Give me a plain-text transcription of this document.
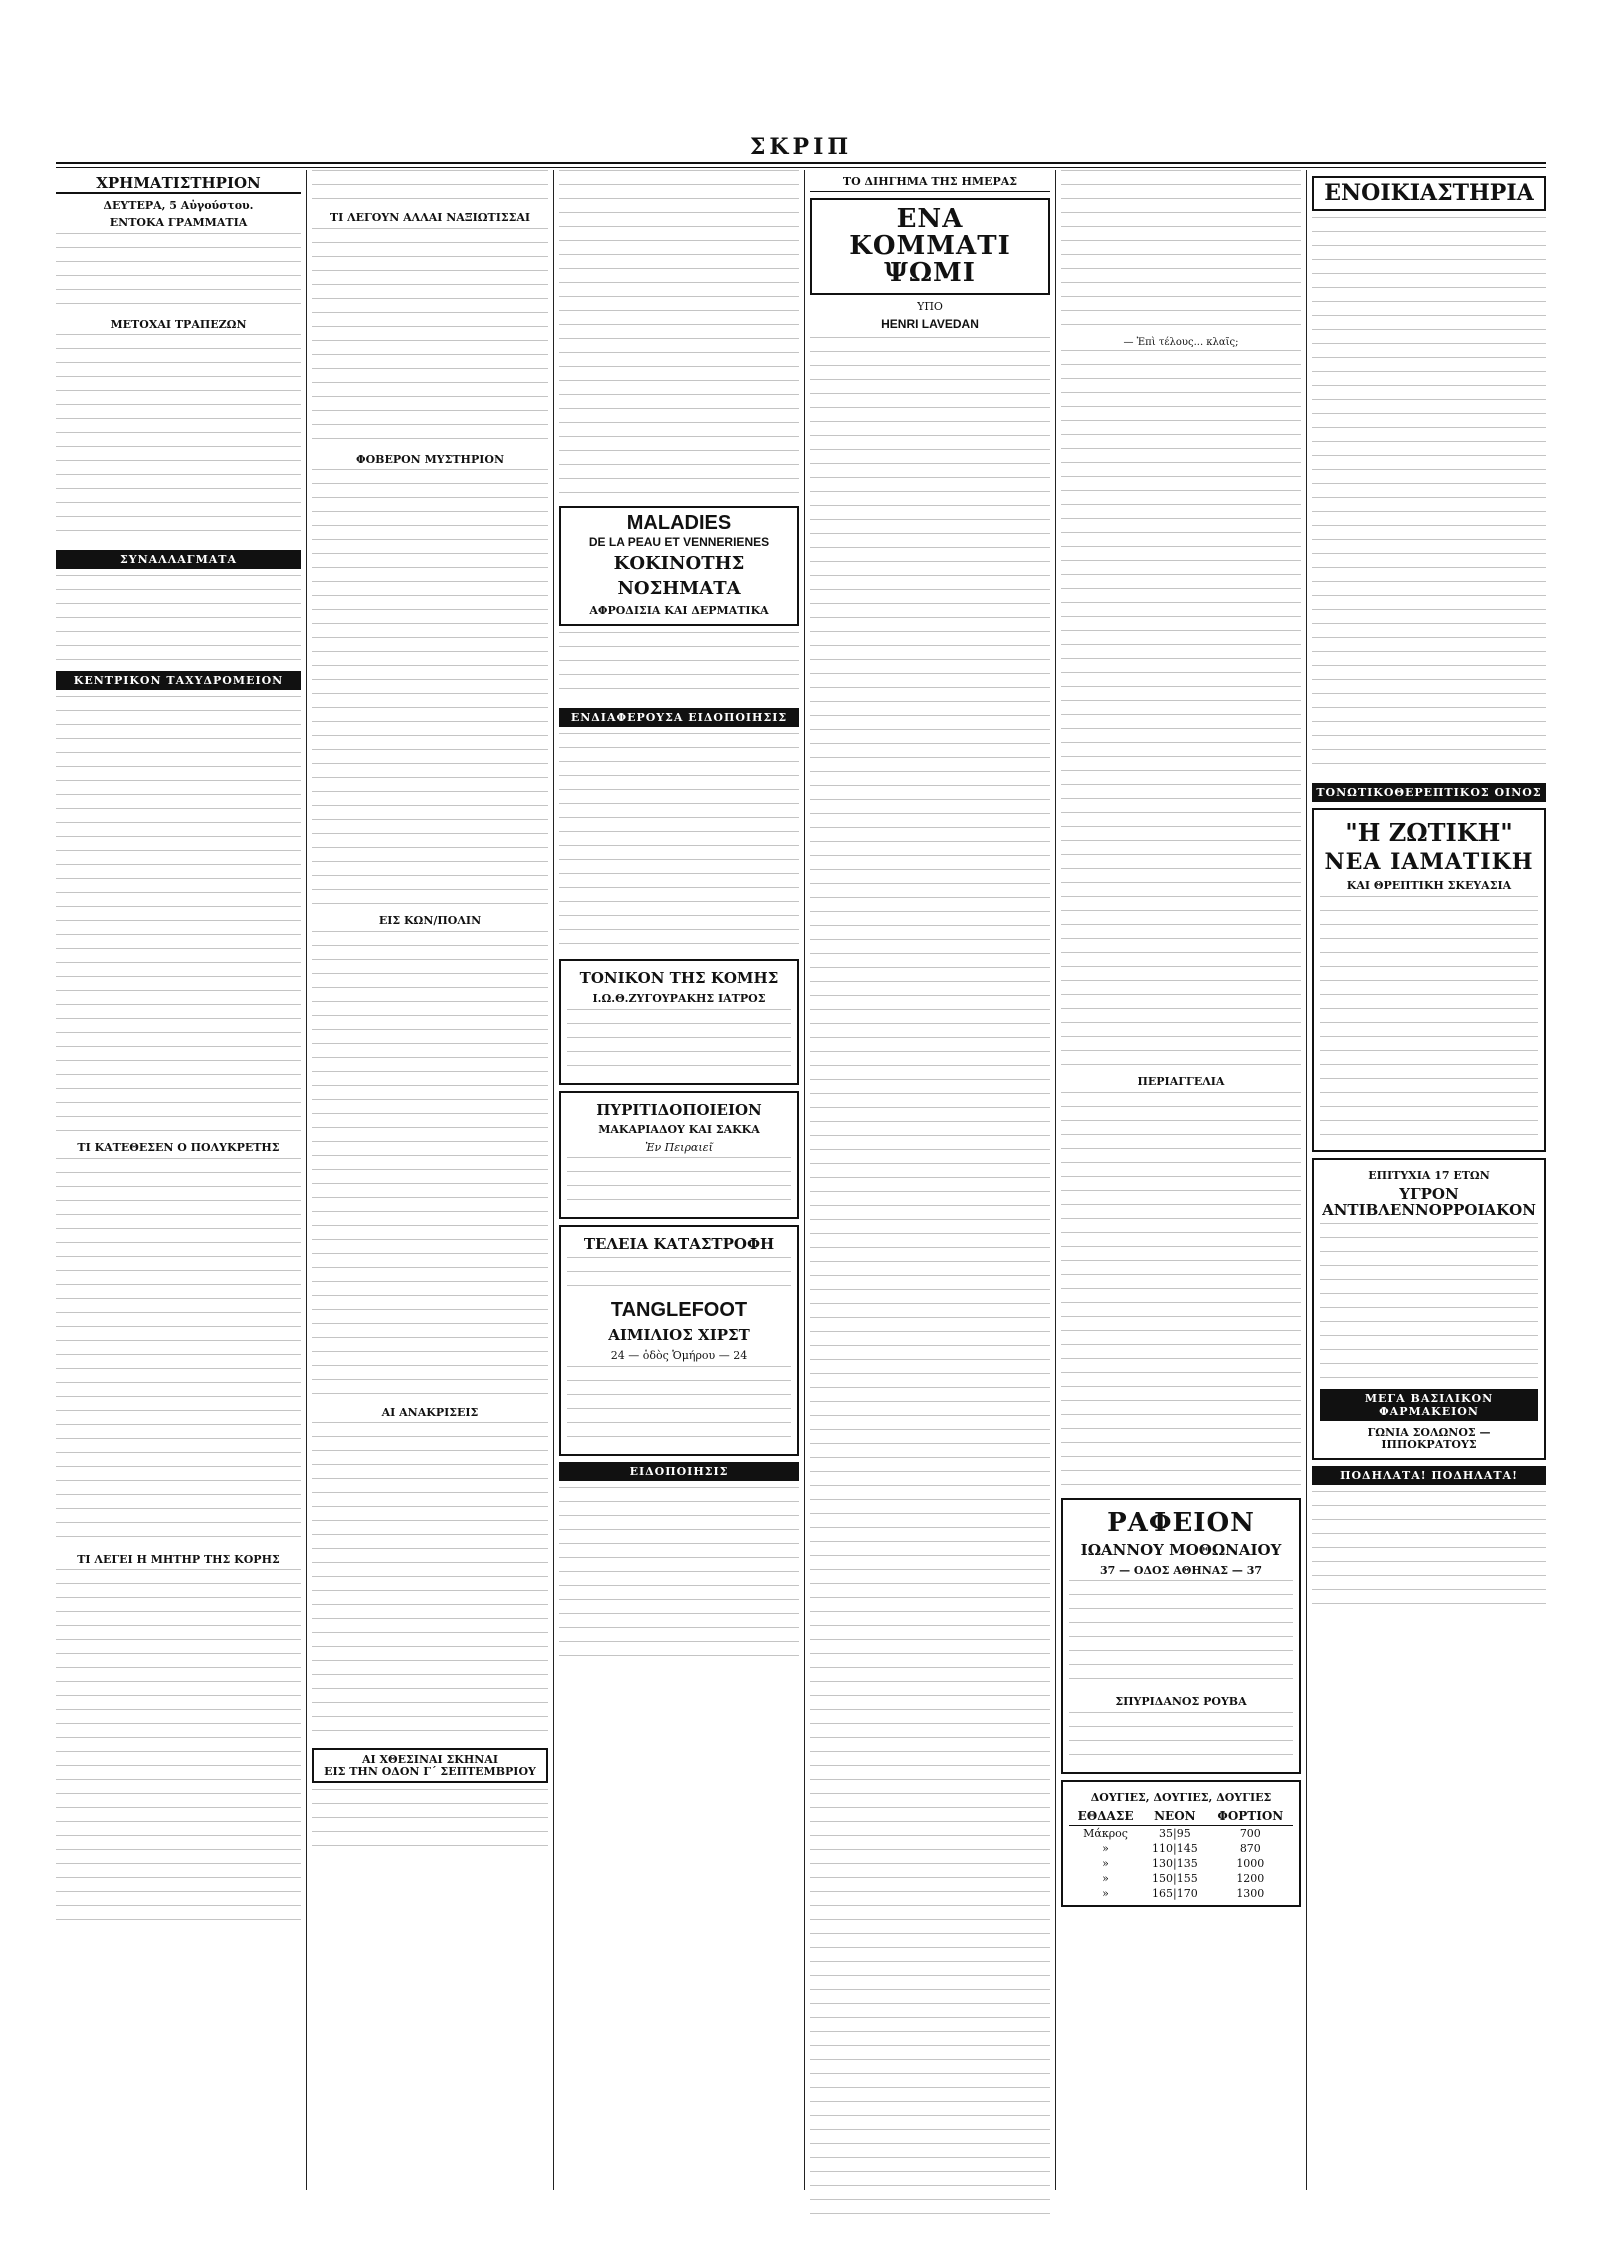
ΣΚΡΙΠ
ΧΡΗΜΑΤΙΣΤΗΡΙΟΝ
ΔΕΥΤΕΡΑ, 5 Αὐγούστου.
ΕΝΤΟΚΑ ΓΡΑΜΜΑΤΙΑ
ΜΕΤΟΧΑΙ ΤΡΑΠΕΖΩΝ
ΣΥΝΑΛΛΑΓΜΑΤΑ
ΚΕΝΤΡΙΚΟΝ ΤΑΧΥΔΡΟΜΕΙΟΝ
ΤΙ ΚΑΤΕΘΕΣΕΝ Ο ΠΟΛΥΚΡΕΤΗΣ
ΤΙ ΛΕΓΕΙ Η ΜΗΤΗΡ ΤΗΣ ΚΟΡΗΣ
ΤΙ ΛΕΓΟΥΝ ΑΛΛΑΙ ΝΑΞΙΩΤΙΣΣΑΙ
ΦΟΒΕΡΟΝ ΜΥΣΤΗΡΙΟΝ
ΕΙΣ ΚΩΝ/ΠΟΛΙΝ
ΑΙ ΑΝΑΚΡΙΣΕΙΣ
ΑΙ ΧΘΕΣΙΝΑΙ ΣΚΗΝΑΙ
ΕΙΣ ΤΗΝ ΟΔΟΝ Γ΄ ΣΕΠΤΕΜΒΡΙΟΥ
MALADIES
DE LA PEAU ET VENNERIENES
ΚΟΚΙΝΟΤΗΣ
ΝΟΣΗΜΑΤΑ
ΑΦΡΟΔΙΣΙΑ ΚΑΙ ΔΕΡΜΑΤΙΚΑ
ΕΝΔΙΑΦΕΡΟΥΣΑ ΕΙΔΟΠΟΙΗΣΙΣ
ΤΟΝΙΚΟΝ ΤΗΣ ΚΟΜΗΣ
Ι.Ω.Θ.ΖΥΓΟΥΡΑΚΗΣ ΙΑΤΡΟΣ
ΠΥΡΙΤΙΔΟΠΟΙΕΙΟΝ
ΜΑΚΑΡΙΑΔΟΥ ΚΑΙ ΣΑΚΚΑ
Ἐν Πειραιεῖ
ΤΕΛΕΙΑ ΚΑΤΑΣΤΡΟΦΗ
TANGLEFOOT
ΑΙΜΙΛΙΟΣ ΧΙΡΣΤ
24 — ὁδὸς Ὁμήρου — 24
ΕΙΔΟΠΟΙΗΣΙΣ
ΤΟ ΔΙΗΓΗΜΑ ΤΗΣ ΗΜΕΡΑΣ
ΕΝΑ ΚΟΜΜΑΤΙ ΨΩΜΙ
ΥΠΟ
HENRI LAVEDAN
— Ἐπὶ τέλους... κλαῖς;
ΠΕΡΙΑΓΓΕΛΙΑ
ΡΑΦΕΙΟΝ
ΙΩΑΝΝΟΥ ΜΟΘΩΝΑΙΟΥ
37 — ΟΔΟΣ ΑΘΗΝΑΣ — 37
ΣΠΥΡΙΔΑΝΟΣ ΡΟΥΒΑ
ΔΟΥΓΙΕΣ, ΔΟΥΓΙΕΣ, ΔΟΥΓΙΕΣ
ΕΘΔΑΣΕ	ΝΕΟΝ	ΦΟΡΤΙΟΝ
Μάκρος	35|95	700
»	110|145	870
»	130|135	1000
»	150|155	1200
»	165|170	1300
ΕΝΟΙΚΙΑΣΤΗΡΙΑ
ΤΟΝΩΤΙΚΟΘΕΡΕΠΤΙΚΟΣ ΟΙΝΟΣ
"Η ΖΩΤΙΚΗ"
ΝΕΑ ΙΑΜΑΤΙΚΗ
ΚΑΙ ΘΡΕΠΤΙΚΗ ΣΚΕΥΑΣΙΑ
ΕΠΙΤΥΧΙΑ 17 ΕΤΩΝ
ΥΓΡΟΝ ΑΝΤΙΒΛΕΝΝΟΡΡΟΙΑΚΟΝ
ΜΕΓΑ ΒΑΣΙΛΙΚΟΝ ΦΑΡΜΑΚΕΙΟΝ
ΓΩΝΙΑ ΣΟΛΩΝΟΣ — ΙΠΠΟΚΡΑΤΟΥΣ
ΠΟΔΗΛΑΤΑ! ΠΟΔΗΛΑΤΑ!
